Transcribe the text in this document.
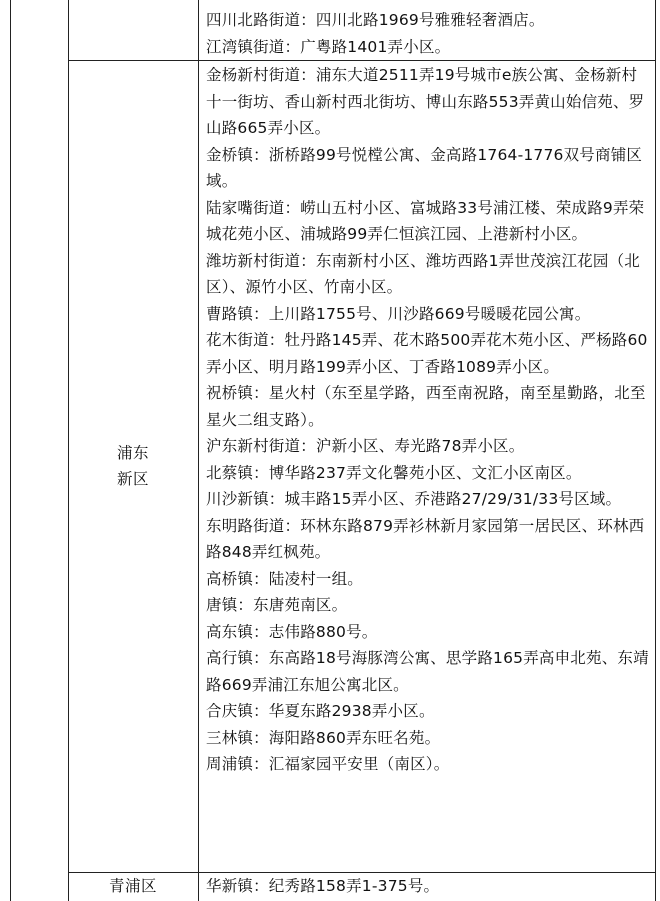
四川北路街道：四川北路1969号雅雅轻奢酒店。
江湾镇街道：广粤路1401弄小区。
浦东
新区
金杨新村街道：浦东大道2511弄19号城市e族公寓、金杨新村十一街坊、香山新村西北街坊、博山东路553弄黄山始信苑、罗山路665弄小区。
金桥镇：浙桥路99号悦樘公寓、金高路1764-1776双号商铺区域。
陆家嘴街道：崂山五村小区、富城路33号浦江楼、荣成路9弄荣城花苑小区、浦城路99弄仁恒滨江园、上港新村小区。
潍坊新村街道：东南新村小区、潍坊西路1弄世茂滨江花园（北区）、源竹小区、竹南小区。
曹路镇：上川路1755号、川沙路669号暖暖花园公寓。
花木街道：牡丹路145弄、花木路500弄花木苑小区、严杨路60弄小区、明月路199弄小区、丁香路1089弄小区。
祝桥镇：星火村（东至星学路，西至南祝路，南至星勤路，北至星火二组支路）。
沪东新村街道：沪新小区、寿光路78弄小区。
北蔡镇：博华路237弄文化馨苑小区、文汇小区南区。
川沙新镇：城丰路15弄小区、乔港路27/29/31/33号区域。
东明路街道：环林东路879弄衫林新月家园第一居民区、环林西路848弄红枫苑。
高桥镇：陆凌村一组。
唐镇：东唐苑南区。
高东镇：志伟路880号。
高行镇：东高路18号海豚湾公寓、思学路165弄高申北苑、东靖路669弄浦江东旭公寓北区。
合庆镇：华夏东路2938弄小区。
三林镇：海阳路860弄东旺名苑。
周浦镇：汇福家园平安里（南区）。
青浦区	华新镇：纪秀路158弄1-375号。
